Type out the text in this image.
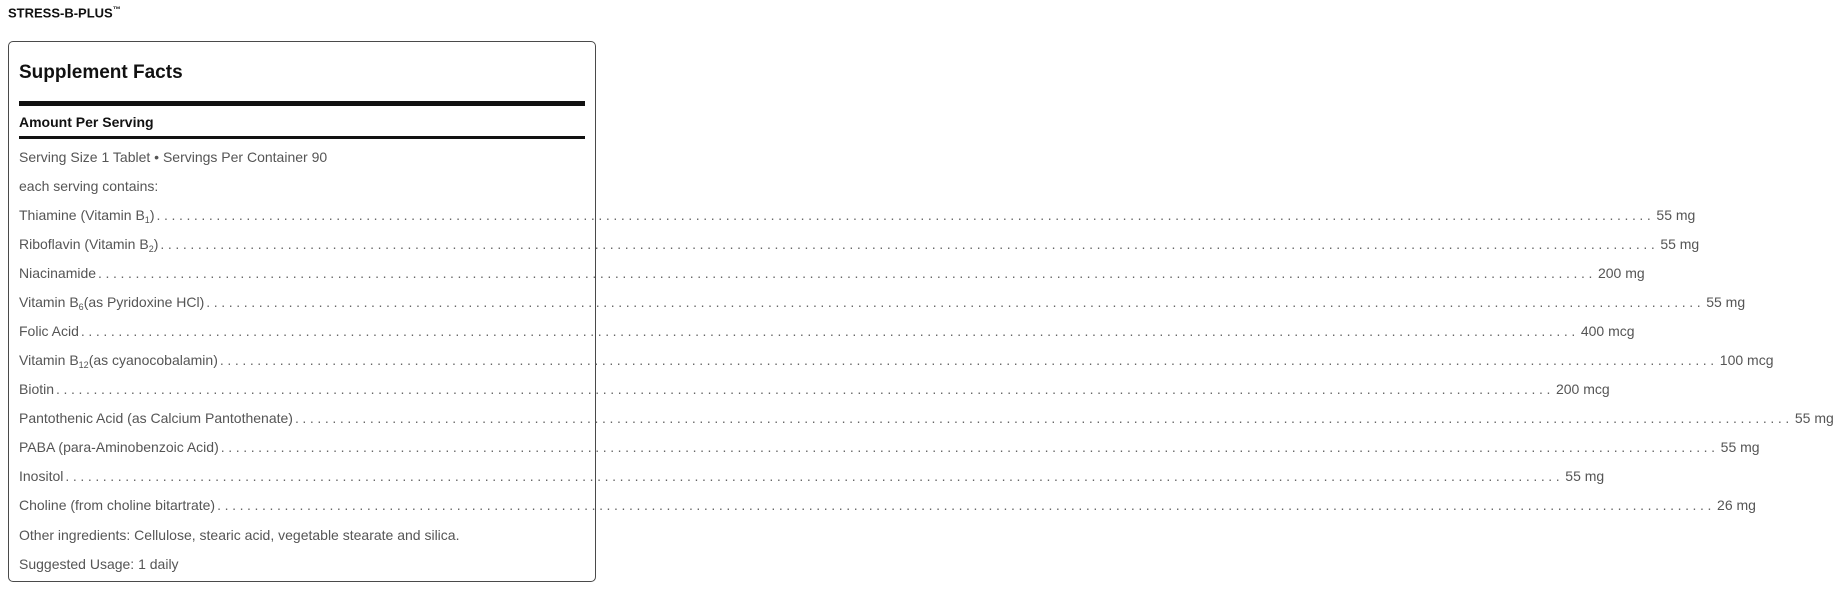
STRESS-B-PLUS™
Supplement Facts
Amount Per Serving
Serving Size 1 Tablet • Servings Per Container 90
each serving contains:
Thiamine (Vitamin $B_1$) ........................................................................................................................................................................................................ 55 mg
Riboflavin (Vitamin $B_2$) ........................................................................................................................................................................................................ 55 mg
Niacinamide ........................................................................................................................................................................................................ 200 mg
Vitamin $B_6(as$ Pyridoxine HCl) ........................................................................................................................................................................................................ 55 mg
Folic Acid ........................................................................................................................................................................................................ 400 mcg
Vitamin $B_{12}(as$ cyanocobalamin) ........................................................................................................................................................................................................ 100 mcg
Biotin ........................................................................................................................................................................................................ 200 mcg
Pantothenic Acid (as Calcium Pantothenate) ........................................................................................................................................................................................................ 55 mg
PABA (para-Aminobenzoic Acid) ........................................................................................................................................................................................................ 55 mg
Inositol ........................................................................................................................................................................................................ 55 mg
Choline (from choline bitartrate) ........................................................................................................................................................................................................ 26 mg
Other ingredients: Cellulose, stearic acid, vegetable stearate and silica.
Suggested Usage: 1 daily
